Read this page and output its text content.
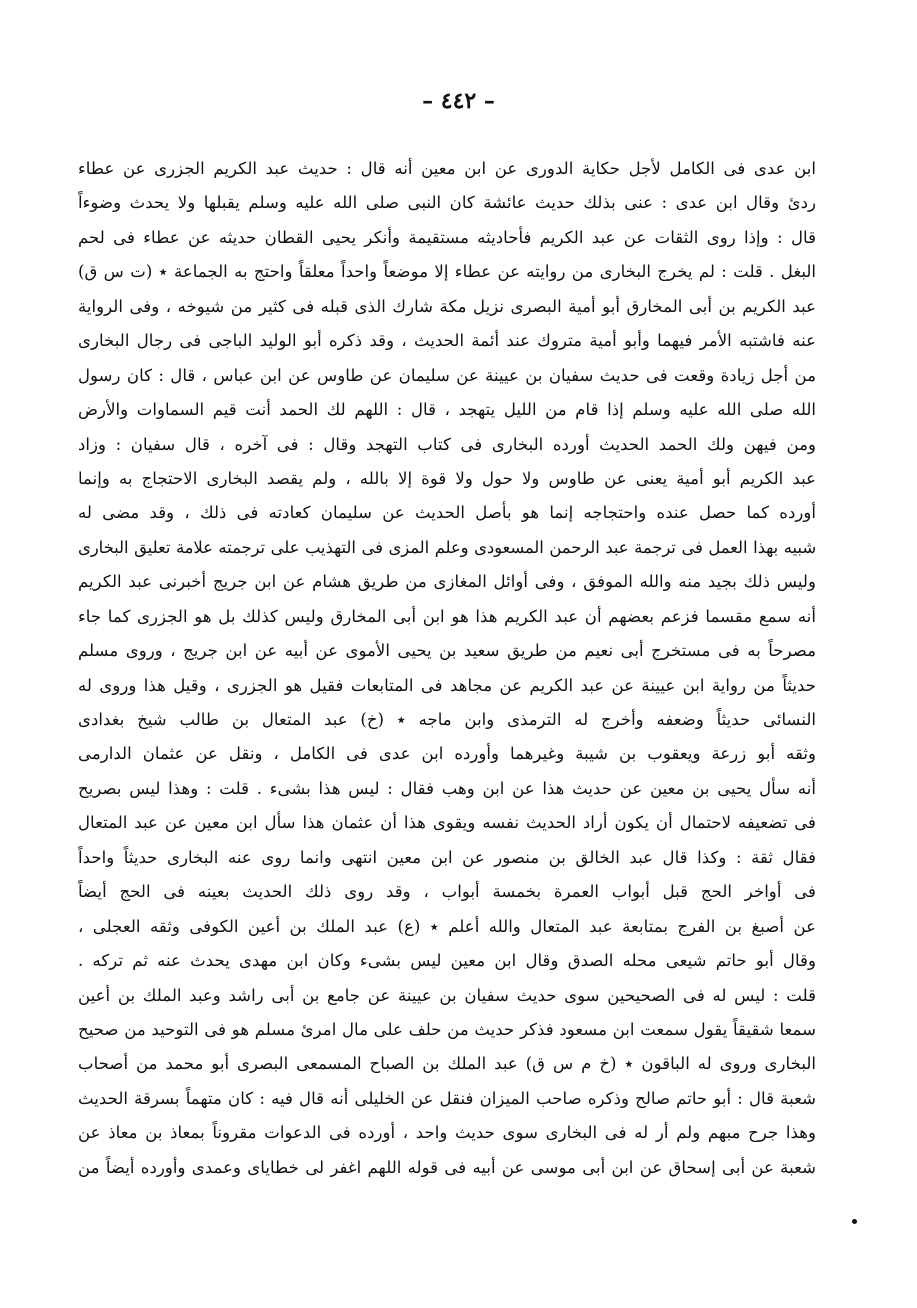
– ٤٤٢ –
ابن عدى فى الكامل لأجل حكاية الدورى عن ابن معين أنه قال : حديث عبد الكريم الجزرى عن عطاء
ردئ وقال ابن عدى : عنى بذلك حديث عائشة كان النبى صلى الله عليه وسلم يقبلها ولا يحدث وضوءاً
قال : وإذا روى الثقات عن عبد الكريم فأحاديثه مستقيمة وأنكر يحيى القطان حديثه عن عطاء فى لحم
البغل . قلت : لم يخرج البخارى من روايته عن عطاء إلا موضعاً واحداً معلقاً واحتج به الجماعة ٭ (ت س ق)
عبد الكريم بن أبى المخارق أبو أمية البصرى نزيل مكة شارك الذى قبله فى كثير من شيوخه ، وفى الرواية
عنه فاشتبه الأمر فيهما وأبو أمية متروك عند أئمة الحديث ، وقد ذكره أبو الوليد الباجى فى رجال البخارى
من أجل زيادة وقعت فى حديث سفيان بن عيينة عن سليمان عن طاوس عن ابن عباس ، قال : كان رسول
الله صلى الله عليه وسلم إذا قام من الليل يتهجد ، قال : اللهم لك الحمد أنت قيم السماوات والأرض
ومن فيهن ولك الحمد الحديث أورده البخارى فى كتاب التهجد وقال : فى آخره ، قال سفيان : وزاد
عبد الكريم أبو أمية يعنى عن طاوس ولا حول ولا قوة إلا بالله ، ولم يقصد البخارى الاحتجاج به وإنما
أورده كما حصل عنده واحتجاجه إنما هو بأصل الحديث عن سليمان كعادته فى ذلك ، وقد مضى له
شبيه بهذا العمل فى ترجمة عبد الرحمن المسعودى وعلم المزى فى التهذيب على ترجمته علامة تعليق البخارى
وليس ذلك بجيد منه والله الموفق ، وفى أوائل المغازى من طريق هشام عن ابن جريج أخبرنى عبد الكريم
أنه سمع مقسما فزعم بعضهم أن عبد الكريم هذا هو ابن أبى المخارق وليس كذلك بل هو الجزرى كما جاء
مصرحاً به فى مستخرج أبى نعيم من طريق سعيد بن يحيى الأموى عن أبيه عن ابن جريج ، وروى مسلم
حديثاً من رواية ابن عيينة عن عبد الكريم عن مجاهد فى المتابعات فقيل هو الجزرى ، وقيل هذا وروى له
النسائى حديثاً وضعفه وأخرج له الترمذى وابن ماجه ٭ (خ) عبد المتعال بن طالب شيخ بغدادى
وثقه أبو زرعة ويعقوب بن شيبة وغيرهما وأورده ابن عدى فى الكامل ، ونقل عن عثمان الدارمى
أنه سأل يحيى بن معين عن حديث هذا عن ابن وهب فقال : ليس هذا بشىء . قلت : وهذا ليس بصريح
فى تضعيفه لاحتمال أن يكون أراد الحديث نفسه ويقوى هذا أن عثمان هذا سأل ابن معين عن عبد المتعال
فقال ثقة : وكذا قال عبد الخالق بن منصور عن ابن معين انتهى وانما روى عنه البخارى حديثاً واحداً
فى أواخر الحج قبل أبواب العمرة بخمسة أبواب ، وقد روى ذلك الحديث بعينه فى الحج أيضاً
عن أصبغ بن الفرج بمتابعة عبد المتعال والله أعلم ٭ (ع) عبد الملك بن أعين الكوفى وثقه العجلى ،
وقال أبو حاتم شيعى محله الصدق وقال ابن معين ليس بشىء وكان ابن مهدى يحدث عنه ثم تركه .
قلت : ليس له فى الصحيحين سوى حديث سفيان بن عيينة عن جامع بن أبى راشد وعبد الملك بن أعين
سمعا شقيقاً يقول سمعت ابن مسعود فذكر حديث من حلف على مال امرئ مسلم هو فى التوحيد من صحيح
البخارى وروى له الباقون ٭ (خ م س ق) عبد الملك بن الصباح المسمعى البصرى أبو محمد من أصحاب
شعبة قال : أبو حاتم صالح وذكره صاحب الميزان فنقل عن الخليلى أنه قال فيه : كان متهماً بسرقة الحديث
وهذا جرح مبهم ولم أر له فى البخارى سوى حديث واحد ، أورده فى الدعوات مقروناً بمعاذ بن معاذ عن
شعبة عن أبى إسحاق عن ابن أبى موسى عن أبيه فى قوله اللهم اغفر لى خطاياى وعمدى وأورده أيضاً من
